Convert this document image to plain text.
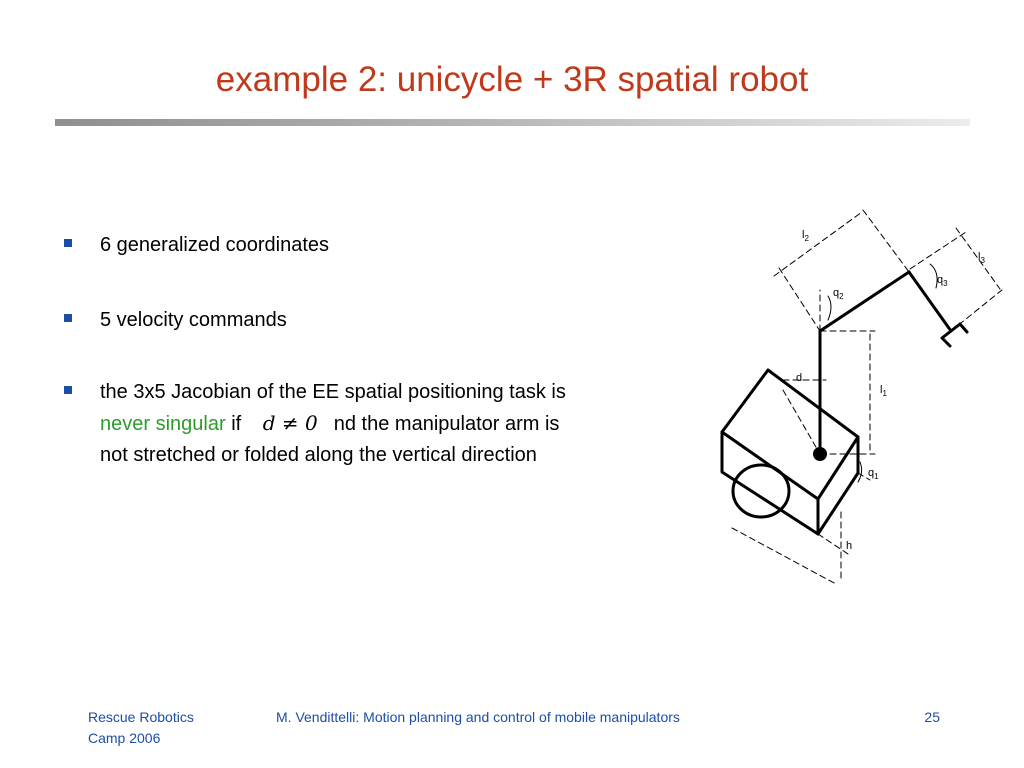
example 2: unicycle + 3R spatial robot
6 generalized coordinates
5 velocity commands
the 3x5 Jacobian of the EE spatial positioning task is
never singular if d ≠ 0 nd the manipulator arm is
not stretched or folded along the vertical direction
$l_2$
$l_3$
$q_2$
$q_3$
$l_1$
$q_1$
d
h
Rescue Robotics
Camp 2006
M. Vendittelli: Motion planning and control of mobile manipulators	25
